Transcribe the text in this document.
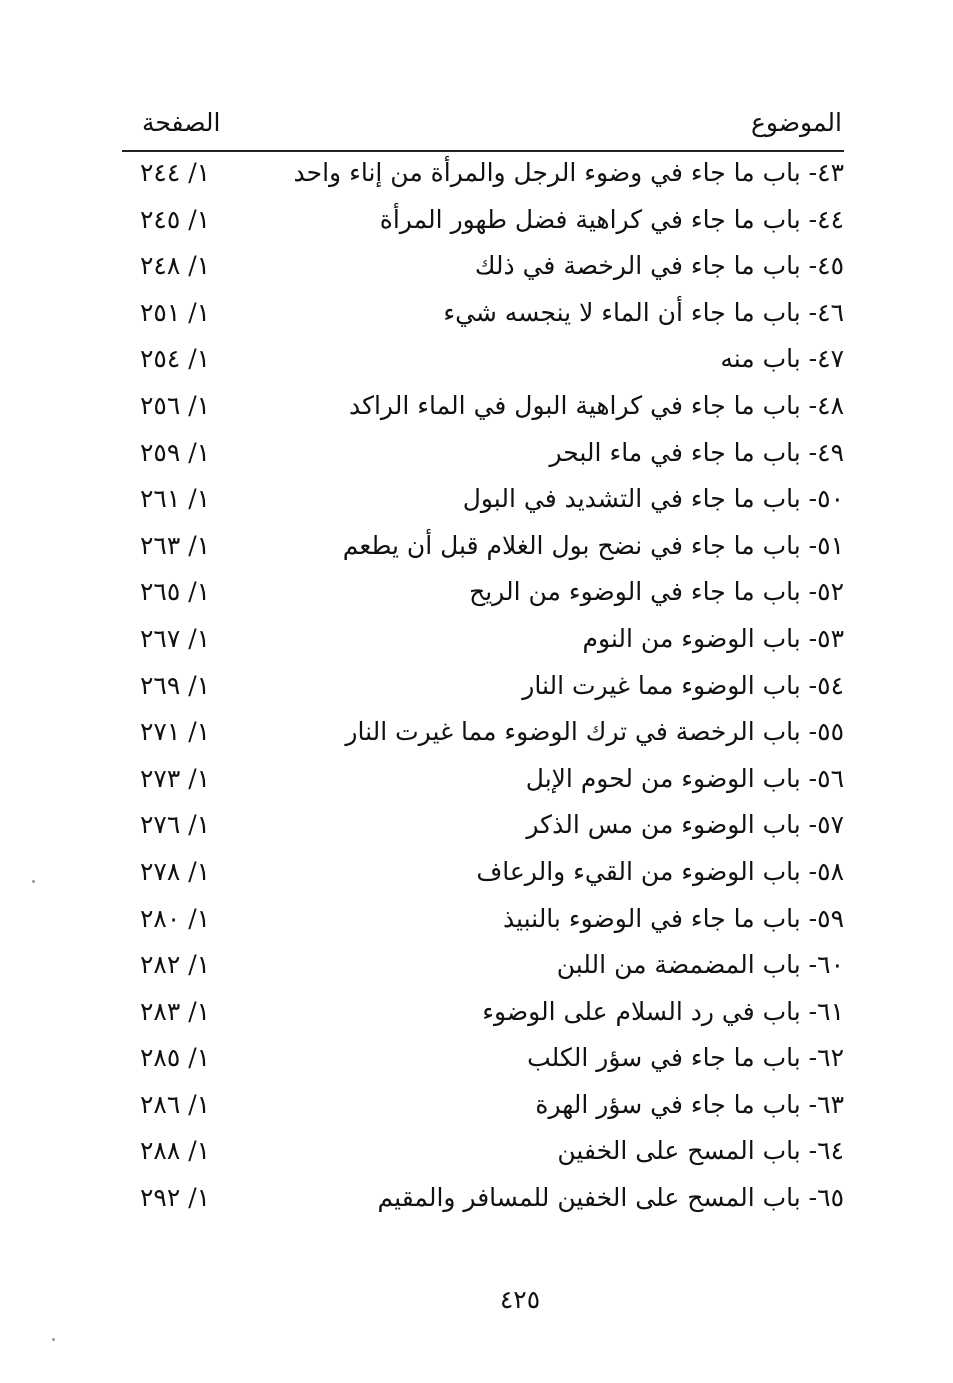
الموضوع
الصفحة
٤٣- باب ما جاء في وضوء الرجل والمرأة من إناء واحد
١/ ٢٤٤
٤٤- باب ما جاء في كراهية فضل طهور المرأة
١/ ٢٤٥
٤٥- باب ما جاء في الرخصة في ذلك
١/ ٢٤٨
٤٦- باب ما جاء أن الماء لا ينجسه شيء
١/ ٢٥١
٤٧- باب منه
١/ ٢٥٤
٤٨- باب ما جاء في كراهية البول في الماء الراكد
١/ ٢٥٦
٤٩- باب ما جاء في ماء البحر
١/ ٢٥٩
٥٠- باب ما جاء في التشديد في البول
١/ ٢٦١
٥١- باب ما جاء في نضح بول الغلام قبل أن يطعم
١/ ٢٦٣
٥٢- باب ما جاء في الوضوء من الريح
١/ ٢٦٥
٥٣- باب الوضوء من النوم
١/ ٢٦٧
٥٤- باب الوضوء مما غيرت النار
١/ ٢٦٩
٥٥- باب الرخصة في ترك الوضوء مما غيرت النار
١/ ٢٧١
٥٦- باب الوضوء من لحوم الإبل
١/ ٢٧٣
٥٧- باب الوضوء من مس الذكر
١/ ٢٧٦
٥٨- باب الوضوء من القيء والرعاف
١/ ٢٧٨
٥٩- باب ما جاء في الوضوء بالنبيذ
١/ ٢٨٠
٦٠- باب المضمضة من اللبن
١/ ٢٨٢
٦١- باب في رد السلام على الوضوء
١/ ٢٨٣
٦٢- باب ما جاء في سؤر الكلب
١/ ٢٨٥
٦٣- باب ما جاء في سؤر الهرة
١/ ٢٨٦
٦٤- باب المسح على الخفين
١/ ٢٨٨
٦٥- باب المسح على الخفين للمسافر والمقيم
١/ ٢٩٢
٤٢٥
